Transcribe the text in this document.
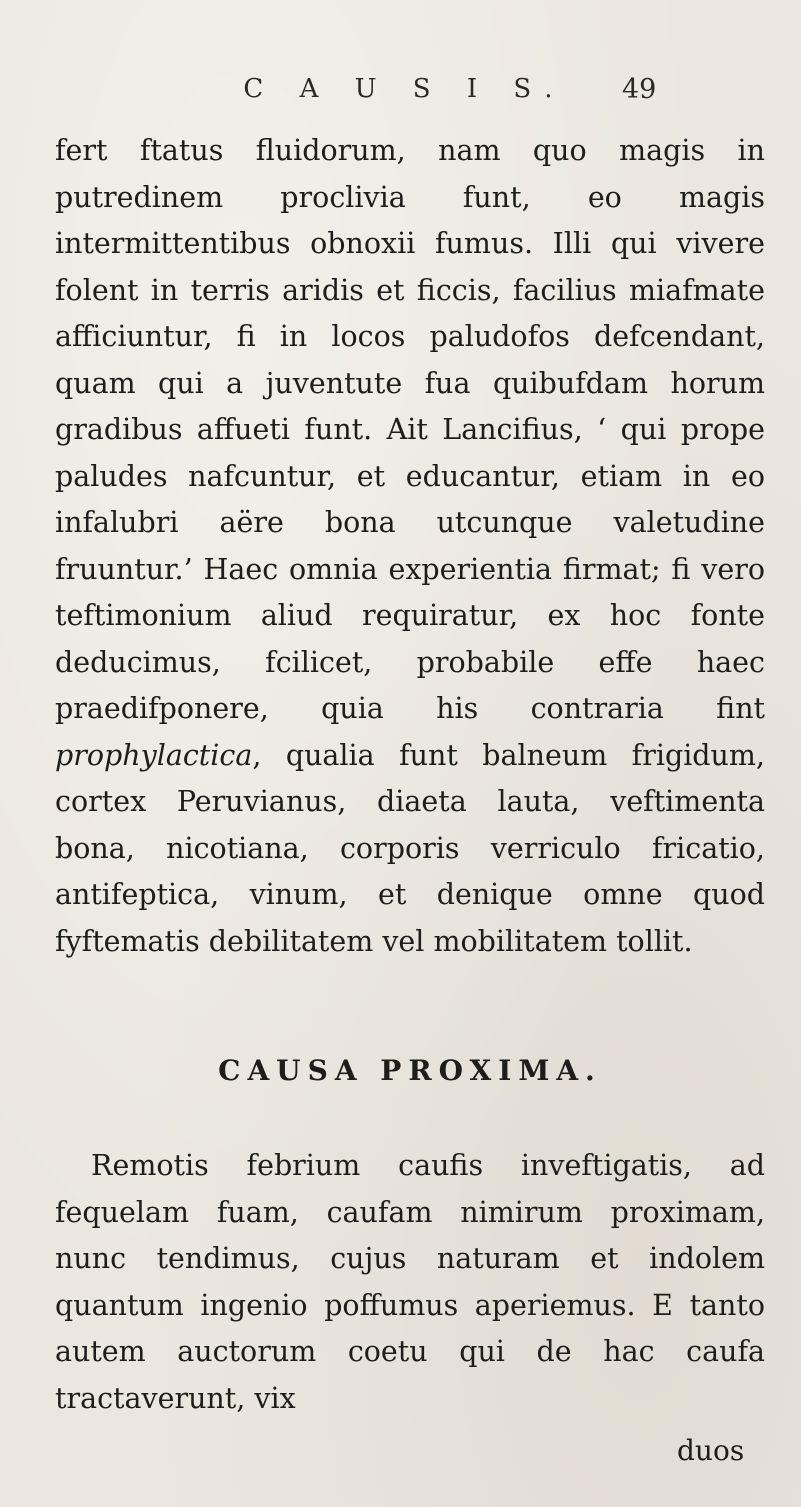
C A U S I S.	49

fert ftatus fluidorum, nam quo magis in putredinem proclivia funt, eo magis intermittentibus obnoxii fumus. Illi qui vivere folent in terris aridis et ficcis, facilius miafmate afficiuntur, fi in locos paludofos defcendant, quam qui a juventute fua quibufdam horum gradibus affueti funt. Ait Lancifius, ‘ qui prope paludes nafcuntur, et educantur, etiam in eo infalubri aëre bona utcunque valetudine fruuntur.’ Haec omnia experientia firmat; fi vero teftimonium aliud requiratur, ex hoc fonte deducimus, fcilicet, probabile effe haec praedifponere, quia his contraria fint prophylactica, qualia funt balneum frigidum, cortex Peruvianus, diaeta lauta, veftimenta bona, nicotiana, corporis verriculo fricatio, antifeptica, vinum, et denique omne quod fyftematis debilitatem vel mobilitatem tollit.

CAUSA PROXIMA.

Remotis febrium caufis inveftigatis, ad fequelam fuam, caufam nimirum proximam, nunc tendimus, cujus naturam et indolem quantum ingenio poffumus aperiemus. E tanto autem auctorum coetu qui de hac caufa tractaverunt, vix

duos
